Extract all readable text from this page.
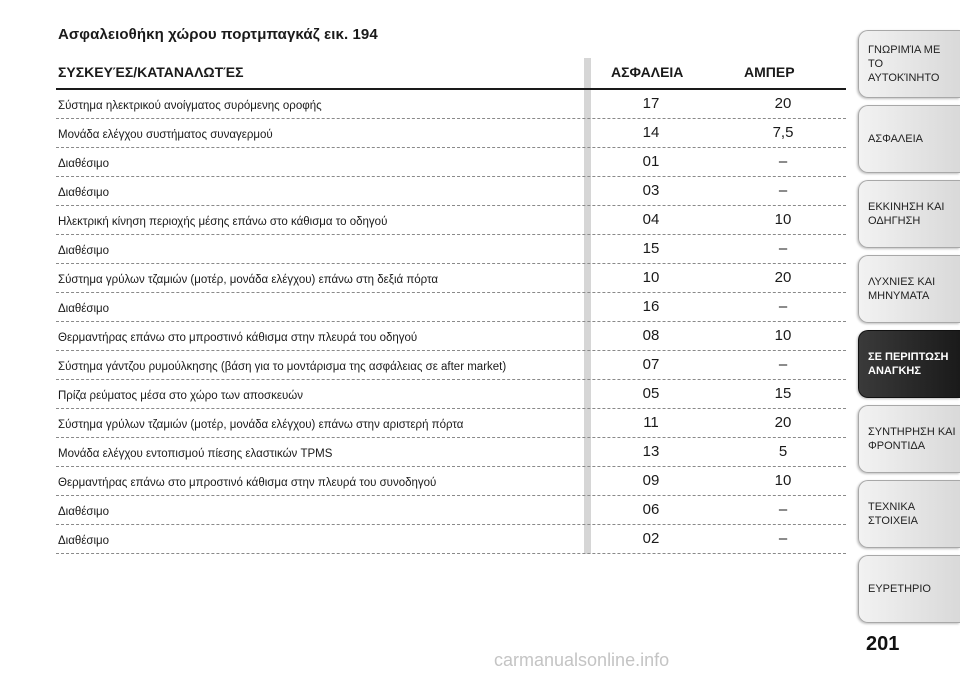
Ασφαλειοθήκη χώρου πορτμπαγκάζ εικ. 194
ΣΥΣΚΕΥΈΣ/ΚΑΤΑΝΑΛΩΤΈΣ	ΑΣΦΑΛΕΙΑ	ΑΜΠΕΡ
Σύστημα ηλεκτρικού ανοίγματος συρόμενης οροφής	17	20
Μονάδα ελέγχου συστήματος συναγερμού	14	7,5
Διαθέσιμο	01	–
Διαθέσιμο	03	–
Ηλεκτρική κίνηση περιοχής μέσης επάνω στο κάθισμα το οδηγού	04	10
Διαθέσιμο	15	–
Σύστημα γρύλων τζαμιών (μοτέρ, μονάδα ελέγχου) επάνω στη δεξιά πόρτα	10	20
Διαθέσιμο	16	–
Θερμαντήρας επάνω στο μπροστινό κάθισμα στην πλευρά του οδηγού	08	10
Σύστημα γάντζου ρυμούλκησης (βάση για το μοντάρισμα της ασφάλειας σε after market)	07	–
Πρίζα ρεύματος μέσα στο χώρο των αποσκευών	05	15
Σύστημα γρύλων τζαμιών (μοτέρ, μονάδα ελέγχου) επάνω στην αριστερή πόρτα	11	20
Μονάδα ελέγχου εντοπισμού πίεσης ελαστικών TPMS	13	5
Θερμαντήρας επάνω στο μπροστινό κάθισμα στην πλευρά του συνοδηγού	09	10
Διαθέσιμο	06	–
Διαθέσιμο	02	–
ΓΝΩΡΙΜΊΑ ΜΕ ΤΟ
ΑΥΤΟΚΊΝΗΤΟ
ΑΣΦΑΛΕΙΑ
ΕΚΚΙΝΗΣΗ ΚΑΙ
ΟΔΗΓΗΣΗ
ΛΥΧΝΙΕΣ ΚΑΙ
ΜΗΝΥΜΑΤΑ
ΣΕ ΠΕΡΙΠΤΩΣΗ
ΑΝΑΓΚΗΣ
ΣΥΝΤΗΡΗΣΗ ΚΑΙ
ΦΡΟΝΤΙΔΑ
ΤΕΧΝΙΚΑ ΣΤΟΙΧΕΙΑ
ΕΥΡΕΤΗΡΙΟ
201
carmanualsonline.info
